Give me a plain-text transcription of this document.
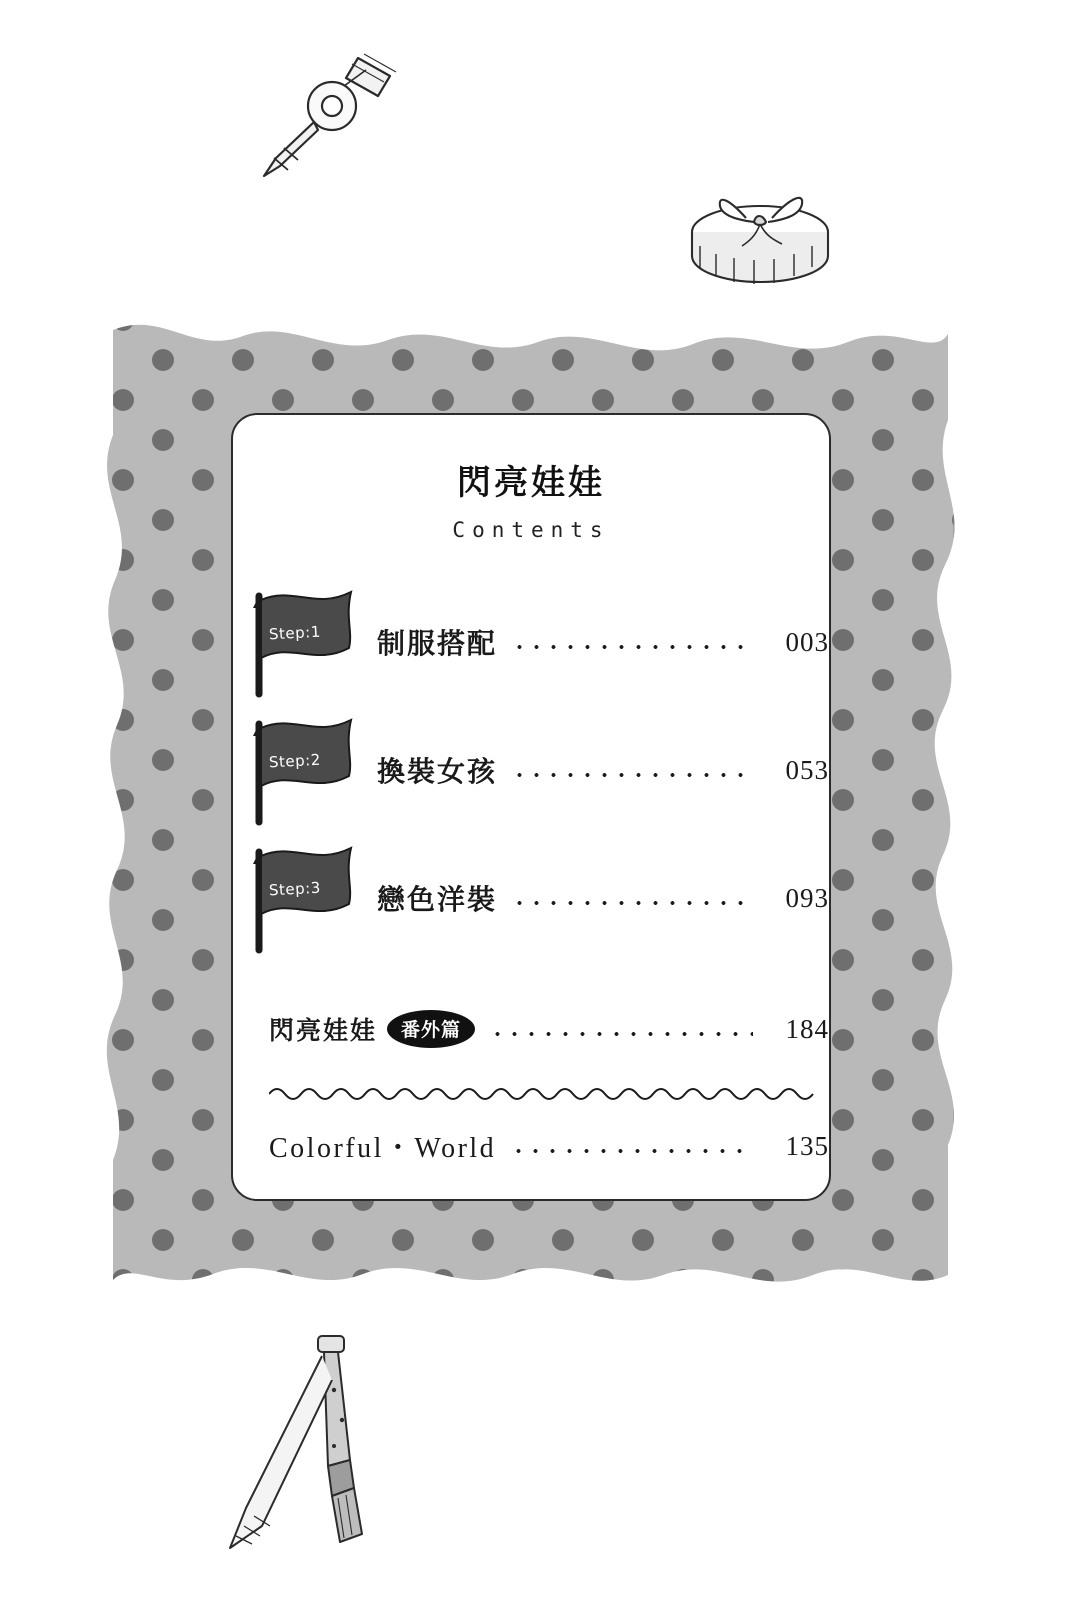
閃亮娃娃
Contents
Step:1 制服搭配	003
Step:2 換裝女孩	053
Step:3 戀色洋裝	093
閃亮娃娃	番外篇	184
Colorful・World	135
